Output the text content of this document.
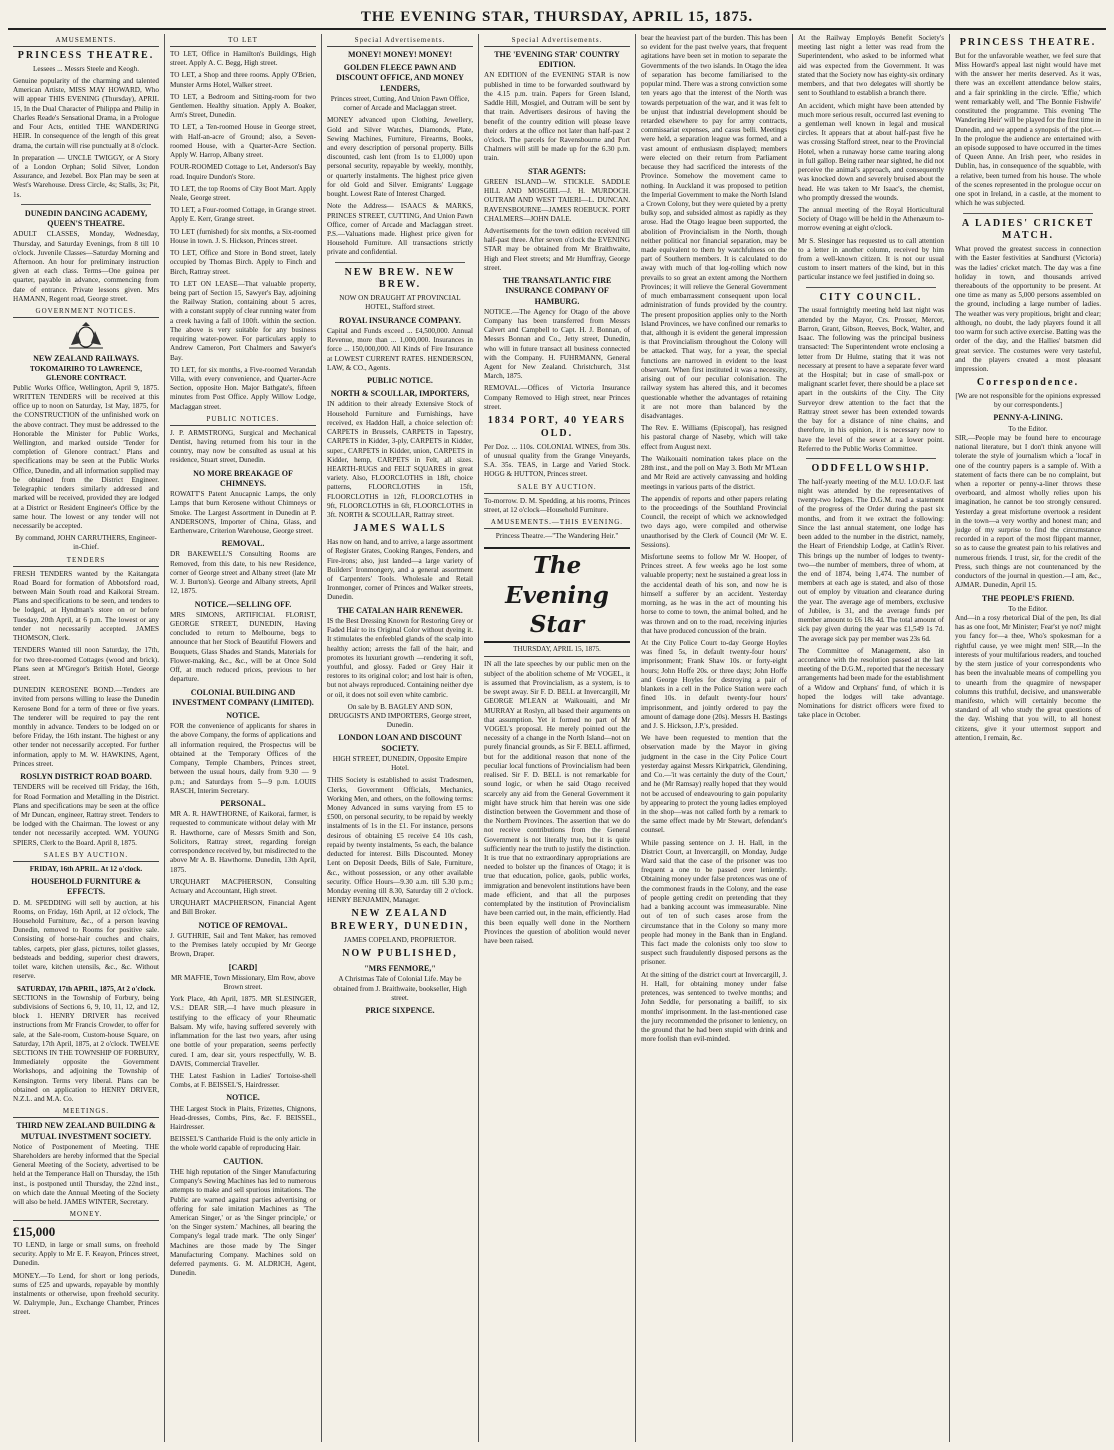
THE EVENING STAR, THURSDAY, APRIL 15, 1875.
AMUSEMENTS.
PRINCESS THEATRE.

Lessees ... Messrs Steele and Keogh.

Genuine popularity of the charming and talented American Artiste, MISS MAY HOWARD, Who will appear THIS EVENING (Thursday), APRIL 15, In the Dual Character of Philippa and Philip in Charles Reade's Sensational Drama, in a Prologue and Four Acts, entitled THE WANDERING HEIR. In consequence of the length of this great drama, the curtain will rise punctually at 8 o'clock.

In preparation — UNCLE TWIGGY, or A Story of a London Orphan; Solid Silver, London Assurance, and Jezebel. Box Plan may be seen at West's Warehouse. Dress Circle, 4s; Stalls, 3s; Pit, 1s.

DUNEDIN DANCING ACADEMY, QUEEN'S THEATRE.

ADULT CLASSES, Monday, Wednesday, Thursday, and Saturday Evenings, from 8 till 10 o'clock. Juvenile Classes—Saturday Morning and Afternoon. An hour for preliminary instruction given at each class. Terms—One guinea per quarter, payable in advance, commencing from date of entrance. Private lessons given. Mrs HAMANN, Regent road, George street.

GOVERNMENT NOTICES.
NEW ZEALAND RAILWAYS.
TOKOMAIRIRO TO LAWRENCE, GLENORE CONTRACT.

Public Works Office, Wellington, April 9, 1875. WRITTEN TENDERS will be received at this office up to noon on Saturday, 1st May, 1875, for the CONSTRUCTION of the unfinished work on the above contract. They must be addressed to the Honorable the Minister for Public Works, Wellington, and marked outside 'Tender for completion of Glenore contract.' Plans and specifications may be seen at the Public Works Office, Dunedin, and all information supplied may be obtained from the District Engineer. Telegraphic tenders similarly addressed and marked will be received, provided they are lodged at a District or Resident Engineer's Office by the same hour. The lowest or any tender will not necessarily be accepted.

By command, JOHN CARRUTHERS, Engineer-in-Chief.

TENDERS

FRESH TENDERS wanted by the Kaitangata Road Board for formation of Abbotsford road, between Main South road and Kaikorai Stream. Plans and specifications to be seen, and tenders to be lodged, at Hyndman's store on or before Tuesday, 20th April, at 6 p.m. The lowest or any tender not necessarily accepted. JAMES THOMSON, Clerk.

TENDERS Wanted till noon Saturday, the 17th, for two three-roomed Cottages (wood and brick). Plans seen at M'Gregor's British Hotel, George street.

DUNEDIN KEROSENE BOND.—Tenders are invited from persons willing to lease the Dunedin Kerosene Bond for a term of three or five years. The tenderer will be required to pay the rent monthly in advance. Tenders to be lodged on or before Friday, the 16th instant. The highest or any other tender not necessarily accepted. For further information, apply to M. W. HAWKINS, Agent, Princes street.

ROSLYN DISTRICT ROAD BOARD.

TENDERS will be received till Friday, the 16th, for Road Formation and Metalling in the District. Plans and specifications may be seen at the office of Mr Duncan, engineer, Rattray street. Tenders to be lodged with the Chairman. The lowest or any tender not necessarily accepted. WM. YOUNG SPIERS, Clerk to the Board. April 8, 1875.

SALES BY AUCTION.
FRIDAY, 16th APRIL. At 12 o'clock.
HOUSEHOLD FURNITURE & EFFECTS.

D. M. SPEDDING will sell by auction, at his Rooms, on Friday, 16th April, at 12 o'clock, The Household Furniture, &c., of a person leaving Dunedin, removed to Rooms for positive sale. Consisting of horse-hair couches and chairs, tables, carpets, pier glass, pictures, toilet glasses, bedsteads and bedding, superior chest drawers, toilet ware, kitchen utensils, &c., &c. Without reserve.

SATURDAY, 17th APRIL, 1875, At 2 o'clock.

SECTIONS in the Township of Forbury, being subdivisions of Sections 6, 9, 10, 11, 12, and 12, block 1. HENRY DRIVER has received instructions from Mr Francis Crowder, to offer for sale, at the Sale-room, Custom-house Square, on Saturday, 17th April, 1875, at 2 o'clock. TWELVE SECTIONS IN THE TOWNSHIP OF FORBURY, Immediately opposite the Government Workshops, and adjoining the Township of Kensington. Terms very liberal. Plans can be obtained on application to HENRY DRIVER, N.Z.L. and M.A. Co.

MEETINGS.
THIRD NEW ZEALAND BUILDING & MUTUAL INVESTMENT SOCIETY.

Notice of Postponement of Meeting. THE Shareholders are hereby informed that the Special General Meeting of the Society, advertised to be held at the Temperance Hall on Thursday, the 15th inst., is postponed until Thursday, the 22nd inst., on which date the Annual Meeting of the Society will also be held. JAMES WINTER, Secretary.

MONEY.
£15,000

TO LEND, in large or small sums, on freehold security. Apply to Mr E. F. Keayon, Princes street, Dunedin.

MONEY.—To Lend, for short or long periods, sums of £25 and upwards, repayable by monthly instalments or otherwise, upon freehold security. W. Dalrymple, Jun., Exchange Chamber, Princes street.

TO LET

TO LET, Office in Hamilton's Buildings, High street. Apply A. C. Begg, High street.

TO LET, a Shop and three rooms. Apply O'Brien, Munster Arms Hotel, Walker street.

TO LET, a Bedroom and Sitting-room for two Gentlemen. Healthy situation. Apply A. Boaker, Arm's Street, Dunedin.

TO LET, a Ten-roomed House in George street, with Half-an-acre of Ground; also, a Seven-roomed House, with a Quarter-Acre Section. Apply W. Harrop, Albany street.

FOUR-ROOMED Cottage to Let, Anderson's Bay road. Inquire Dundon's Store.

TO LET, the top Rooms of City Boot Mart. Apply Neale, George street.

TO LET, a Four-roomed Cottage, in Grange street. Apply E. Kerr, Grange street.

TO LET (furnished) for six months, a Six-roomed House in town. J. S. Hickson, Princes street.

TO LET, Office and Store in Bond street, lately occupied by Thomas Birch. Apply to Finch and Birch, Rattray street.

TO LET ON LEASE—That valuable property, being part of Section 15, Sawyer's Bay, adjoining the Railway Station, containing about 5 acres, with a constant supply of clear running water from a creek having a fall of 100ft. within the section. The above is very suitable for any business requiring water-power. For particulars apply to Andrew Cameron, Port Chalmers and Sawyer's Bay.

TO LET, for six months, a Five-roomed Verandah Villa, with every convenience, and Quarter-Acre Section, opposite Hon. Major Bathgate's, fifteen minutes from Post Office. Apply Willow Lodge, Maclaggan street.

PUBLIC NOTICES.

J. P. ARMSTRONG, Surgical and Mechanical Dentist, having returned from his tour in the country, may now be consulted as usual at his residence, Stuart street, Dunedin.

NO MORE BREAKAGE OF CHIMNEYS.

ROWATT'S Patent Anucapnic Lamps, the only Lamps that burn Kerosene without Chimneys or Smoke. The Largest Assortment in Dunedin at P. ANDERSON'S, Importer of China, Glass, and Earthenware, Criterion Warehouse, George street.

REMOVAL.

DR BAKEWELL'S Consulting Rooms are Removed, from this date, to his new Residence, corner of George street and Albany street (late Mr W. J. Burton's). George and Albany streets, April 12, 1875.

NOTICE.—SELLING OFF.

MRS SIMONS, ARTIFICIAL FLORIST, GEORGE STREET, DUNEDIN, Having concluded to return to Melbourne, begs to announce that her Stock of Beautiful Flowers and Bouquets, Glass Shades and Stands, Materials for Flower-making, &c., &c., will be at Once Sold Off, at much reduced prices, previous to her departure.

COLONIAL BUILDING AND INVESTMENT COMPANY (LIMITED).
NOTICE.

FOR the convenience of applicants for shares in the above Company, the forms of applications and all information required, the Prospectus will be obtained at the Temporary Offices of the Company, Temple Chambers, Princes street, between the usual hours, daily from 9.30 — 9 p.m.; and Saturdays from 5—9 p.m. LOUIS RASCH, Interim Secretary.

PERSONAL.

MR A. R. HAWTHORNE, of Kaikorai, farmer, is requested to communicate without delay with Mr R. Hawthorne, care of Messrs Smith and Son, Solicitors, Rattray street, regarding foreign correspondence received by, but misdirected to the above Mr A. B. Hawthorne. Dunedin, 13th April, 1875.

URQUHART MACPHERSON, Consulting Actuary and Accountant, High street.

URQUHART MACPHERSON, Financial Agent and Bill Broker.

NOTICE OF REMOVAL.

J. GUTHRIE, Sail and Tent Maker, has removed to the Premises lately occupied by Mr George Brown, Draper.

[CARD]

MR MAFFIE, Town Missionary, Elm Row, above Brown street.

York Place, 4th April, 1875. MR SLESINGER, V.S.: DEAR SIR,—I have much pleasure in testifying to the efficacy of your Rheumatic Balsam. My wife, having suffered severely with inflammation for the last two years, after using one bottle of your preparation, seems perfectly cured. I am, dear sir, yours respectfully, W. B. DAVIS, Commercial Traveller.

THE Latest Fashion in Ladies' Tortoise-shell Combs, at F. BEISSEL'S, Hairdresser.

NOTICE.

THE Largest Stock in Plaits, Frizettes, Chignons, Head-dresses, Combs, Pins, &c. F. BEISSEL, Hairdresser.

BEISSEL'S Cantharide Fluid is the only article in the whole world capable of reproducing Hair.

CAUTION.

THE high reputation of the Singer Manufacturing Company's Sewing Machines has led to numerous attempts to make and sell spurious imitations. The Public are warned against parties advertising or offering for sale imitation Machines as 'The American Singer,' or as 'the Singer principle,' or 'on the Singer system.' Machines, all bearing the Company's legal trade mark. 'The only Singer' Machines are those made by The Singer Manufacturing Company. Machines sold on deferred payments. G. M. ALDRICH, Agent, Dunedin.

Special Advertisements.
MONEY! MONEY! MONEY!
GOLDEN FLEECE PAWN AND DISCOUNT OFFICE, AND MONEY LENDERS,

Princes street, Cutting, And Union Pawn Office, corner of Arcade and Maclaggan street.

MONEY advanced upon Clothing, Jewellery, Gold and Silver Watches, Diamonds, Plate, Sewing Machines, Furniture, Firearms, Books, and every description of personal property. Bills discounted, cash lent (from 1s to £1,000) upon personal security, repayable by weekly, monthly, or quarterly instalments. The highest price given for old Gold and Silver. Emigrants' Luggage bought. Lowest Rate of Interest Charged.

Note the Address— ISAACS & MARKS, PRINCES STREET, CUTTING, And Union Pawn Office, corner of Arcade and Maclaggan street. P.S.—Valuations made. Highest price given for Household Furniture. All transactions strictly private and confidential.

NEW BREW. NEW BREW.

NOW ON DRAUGHT AT PROVINCIAL HOTEL, Stafford street.

ROYAL INSURANCE COMPANY.

Capital and Funds exceed ... £4,500,000. Annual Revenue, more than ... 1,000,000. Insurances in force ... 150,000,000. All Kinds of Fire Insurance at LOWEST CURRENT RATES. HENDERSON, LAW, & CO., Agents.

PUBLIC NOTICE.
NORTH & SCOULLAR, IMPORTERS,

IN addition to their already Extensive Stock of Household Furniture and Furnishings, have received, ex Haddon Hall, a choice selection of: CARPETS in Brussels, CARPETS in Tapestry, CARPETS in Kidder, 3-ply, CARPETS in Kidder, super., CARPETS in Kidder, union, CARPETS in Kidder, hemp, CARPETS in Felt, all sizes. HEARTH-RUGS and FELT SQUARES in great variety. Also, FLOORCLOTHS in 18ft, choice patterns, FLOORCLOTHS in 15ft, FLOORCLOTHS in 12ft, FLOORCLOTHS in 9ft, FLOORCLOTHS in 6ft, FLOORCLOTHS in 3ft. NORTH & SCOULLAR, Rattray street.

JAMES WALLS

Has now on hand, and to arrive, a large assortment of Register Grates, Cooking Ranges, Fenders, and Fire-irons; also, just landed—a large variety of Builders' Ironmongery, and a general assortment of Carpenters' Tools. Wholesale and Retail Ironmonger, corner of Princes and Walker streets, Dunedin.

THE CATALAN HAIR RENEWER.

IS the Best Dressing Known for Restoring Grey or Faded Hair to its Original Color without dyeing it. It stimulates the enfeebled glands of the scalp into healthy action; arrests the fall of the hair, and promotes its luxuriant growth —rendering it soft, youthful, and glossy. Faded or Grey Hair it restores to its original color; and lost hair is often, but not always reproduced. Containing neither dye or oil, it does not soil even white cambric.

On sale by B. BAGLEY AND SON, DRUGGISTS AND IMPORTERS, George street, Dunedin.

LONDON LOAN AND DISCOUNT SOCIETY.

HIGH STREET, DUNEDIN, Opposite Empire Hotel.

THIS Society is established to assist Tradesmen, Clerks, Government Officials, Mechanics, Working Men, and others, on the following terms: Money Advanced in sums varying from £5 to £500, on personal security, to be repaid by weekly instalments of 1s in the £1. For instance, persons desirous of obtaining £5 receive £4 10s cash, repaid by twenty instalments, 5s each, the balance deducted for interest. Bills Discounted. Money Lent on Deposit Deeds, Bills of Sale, Furniture, &c., without possession, or any other available security. Office Hours—9.30 a.m. till 5.30 p.m.; Monday evening till 8.30, Saturday till 2 o'clock. HENRY BENJAMIN, Manager.

NEW ZEALAND BREWERY, DUNEDIN,

JAMES COPELAND, PROPRIETOR.

NOW PUBLISHED,
"MRS FENMORE,"

A Christmas Tale of Colonial Life. May be obtained from J. Braithwaite, bookseller, High street.

PRICE SIXPENCE.
Special Advertisements.
THE 'EVENING STAR' COUNTRY EDITION.

AN EDITION of the EVENING STAR is now published in time to be forwarded southward by the 4.15 p.m. train. Papers for Green Island, Saddle Hill, Mosgiel, and Outram will be sent by that train. Advertisers desirous of having the benefit of the country edition will please leave their orders at the office not later than half-past 2 o'clock. The parcels for Ravensbourne and Port Chalmers will still be made up for the 6.30 p.m. train.

STAR AGENTS:

GREEN ISLAND—W. STICKLE. SADDLE HILL AND MOSGIEL—J. H. MURDOCH. OUTRAM AND WEST TAIERI—L. DUNCAN. RAVENSBOURNE—JAMES ROEBUCK. PORT CHALMERS—JOHN DALE.

Advertisements for the town edition received till half-past three. After seven o'clock the EVENING STAR may be obtained from Mr Braithwaite, High and Fleet streets; and Mr Humffray, George street.

THE TRANSATLANTIC FIRE INSURANCE COMPANY OF HAMBURG.

NOTICE.—The Agency for Otago of the above Company has been transferred from Messrs Calvert and Campbell to Capt. H. J. Bonnan, of Messrs Bonnan and Co., Jetty street, Dunedin, who will in future transact all business connected with the Company. H. FUHRMANN, General Agent for New Zealand. Christchurch, 31st March, 1875.

REMOVAL.—Offices of Victoria Insurance Company Removed to High street, near Princes street.

1834 PORT, 40 YEARS OLD.

Per Doz. ... 110s. COLONIAL WINES, from 30s. of unusual quality from the Grange Vineyards, S.A. 35s. TEAS, in Large and Varied Stock. HOGG & HUTTON, Princes street.

SALE BY AUCTION.

To-morrow. D. M. Spedding, at his rooms, Princes street, at 12 o'clock—Household Furniture.

AMUSEMENTS.—THIS EVENING.

Princess Theatre.—"The Wandering Heir."

The Evening Star
THURSDAY, APRIL 15, 1875.

IN all the late speeches by our public men on the subject of the abolition scheme of Mr VOGEL, it is assumed that Provincialism, as a system, is to be swept away. Sir F. D. BELL at Invercargill, Mr GEORGE M'LEAN at Waikouaiti, and Mr MURRAY at Roslyn, all based their arguments on that assumption. Yet it formed no part of Mr VOGEL's proposal. He merely pointed out the necessity of a change in the North Island—not on purely financial grounds, as Sir F. BELL affirmed, but for the additional reason that none of the peculiar local functions of Provincialism had been realised. Sir F. D. BELL is not remarkable for sound logic, or when he said Otago received scarcely any aid from the General Government it might have struck him that herein was one side distinction between the Government and those of the Northern Provinces. The assertion that we do not receive contributions from the General Government is not literally true, but it is quite sufficiently near the truth to justify the distinction. It is true that no extraordinary appropriations are needed to bolster up the finances of Otago; it is true that education, police, gaols, public works, immigration and benevolent institutions have been made efficient, and that all the purposes contemplated by the institution of Provincialism have been carried out, in the main, efficiently. Had this been equally well done in the Northern Provinces the question of abolition would never have been raised.

bear the heaviest part of the burden. This has been so evident for the past twelve years, that frequent agitations have been set in motion to separate the Governments of the two islands. In Otago the idea of separation has become familiarised to the popular mind. There was a strong conviction some ten years ago that the interest of the North was towards perpetuation of the war, and it was felt to be unjust that industrial development should be retarded elsewhere to pay for army contracts, commissariat expenses, and casus belli. Meetings were held, a separation league was formed, and a vast amount of enthusiasm displayed; members were elected on their return from Parliament because they had sacrificed the interests of the Province. Somehow the movement came to nothing. In Auckland it was proposed to petition the Imperial Government to make the North Island a Crown Colony, but they were quieted by a pretty bulky sop, and subsided almost as rapidly as they arose. Had the Otago league been supported, the abolition of Provincialism in the North, though neither political nor financial separation, may be made equivalent to them by watchfulness on the part of Southern members. It is calculated to do away with much of that log-rolling which now prevails to so great an extent among the Northern Provinces; it will relieve the General Government of much embarrassment consequent upon local administration of funds provided by the country. The present proposition applies only to the North Island Provinces, we have confined our remarks to that, although it is evident the general impression is that Provincialism throughout the Colony will be attacked. That way, for a year, the special functions are narrowed in evident to the least observant. When first instituted it was a necessity, arising out of our peculiar colonisation. The railway system has altered this, and it becomes questionable whether the advantages of retaining it are not more than balanced by the disadvantages.

The Rev. E. Williams (Episcopal), has resigned his pastoral charge of Naseby, which will take effect from August next.

The Waikouaiti nomination takes place on the 28th inst., and the poll on May 3. Both Mr M'Lean and Mr Reid are actively canvassing and holding meetings in various parts of the district.

The appendix of reports and other papers relating to the proceedings of the Southland Provincial Council, the receipt of which we acknowledged two days ago, were compiled and otherwise unauthorised by the Clerk of Council (Mr W. E. Sessions).

Misfortune seems to follow Mr W. Hooper, of Princes street. A few weeks ago he lost some valuable property; next he sustained a great loss in the accidental death of his son, and now he is himself a sufferer by an accident. Yesterday morning, as he was in the act of mounting his horse to come to town, the animal bolted, and he was thrown and on to the road, receiving injuries that have produced concussion of the brain.

At the City Police Court to-day George Hoyles was fined 5s, in default twenty-four hours' imprisonment; Frank Shaw 10s. or forty-eight hours; John Hoffe 20s. or three days; John Hoffe and George Hoyles for destroying a pair of blankets in a cell in the Police Station were each fined 10s. in default twenty-four hours' imprisonment, and jointly ordered to pay the amount of damage done (20s). Messrs H. Bastings and J. S. Hickson, J.P.'s, presided.

We have been requested to mention that the observation made by the Mayor in giving judgment in the case in the City Police Court yesterday against Messrs Kirkpatrick, Glendining, and Co.—'it was certainly the duty of the Court,' and he (Mr Ramsay) really hoped that they would not be accused of endeavouring to gain popularity by appearing to protect the young ladies employed in the shop—was not called forth by a remark to the same effect made by Mr Stewart, defendant's counsel.

While passing sentence on J. H. Hall, in the District Court, at Invercargill, on Monday, Judge Ward said that the case of the prisoner was too frequent a one to be passed over leniently. Obtaining money under false pretences was one of the commonest frauds in the Colony, and the ease of people getting credit on pretending that they had a banking account was immeasurable. Nine out of ten of such cases arose from the circumstance that in the Colony so many more people had money in the Bank than in England. This fact made the colonists only too slow to suspect such fraudulently disposed persons as the prisoner.

At the sitting of the district court at Invercargill, J. H. Hall, for obtaining money under false pretences, was sentenced to twelve months; and John Seddle, for personating a bailiff, to six months' imprisonment. In the last-mentioned case the jury recommended the prisoner to leniency, on the ground that he had been stupid with drink and more foolish than evil-minded.

At the Railway Employés Benefit Society's meeting last night a letter was read from the Superintendent, who asked to be informed what aid was expected from the Government. It was stated that the Society now has eighty-six ordinary members, and that two delegates will shortly be sent to Southland to establish a branch there.

An accident, which might have been attended by much more serious result, occurred last evening to a gentleman well known in legal and musical circles. It appears that at about half-past five he was crossing Stafford street, near to the Provincial Hotel, when a runaway horse came tearing along in full gallop. Being rather near sighted, he did not perceive the animal's approach, and consequently was knocked down and severely bruised about the head. He was taken to Mr Isaac's, the chemist, who promptly dressed the wounds.

The annual meeting of the Royal Horticultural Society of Otago will be held in the Athenæum to-morrow evening at eight o'clock.

Mr S. Slesinger has requested us to call attention to a letter in another column, received by him from a well-known citizen. It is not our usual custom to insert matters of the kind, but in this particular instance we feel justified in doing so.

CITY COUNCIL.

The usual fortnightly meeting held last night was attended by the Mayor, Crs. Prosser, Mercer, Barron, Grant, Gibson, Reeves, Bock, Walter, and Isaac. The following was the principal business transacted: The Superintendent wrote enclosing a letter from Dr Hulme, stating that it was not necessary at present to have a separate fever ward at the Hospital; but in case of small-pox or malignant scarlet fever, there should be a place set apart in the outskirts of the City. The City Surveyor drew attention to the fact that the Rattray street sewer has been extended towards the bay for a distance of nine chains, and therefore, in his opinion, it is necessary now to have the level of the sewer at a lower point. Referred to the Public Works Committee.

ODDFELLOWSHIP.

The half-yearly meeting of the M.U. I.O.O.F. last night was attended by the representatives of twenty-two lodges. The D.G.M. read a statement of the progress of the Order during the past six months, and from it we extract the following: Since the last annual statement, one lodge has been added to the number in the district, namely, the Heart of Friendship Lodge, at Catlin's River. This brings up the number of lodges to twenty-two—the number of members, three of whom, at the end of 1874, being 1,474. The number of members at each age is stated, and also of those out of employ by vituation and clearance during the year. The average age of members, exclusive of Jubilee, is 31, and the average funds per member amount to £6 18s 4d. The total amount of sick pay given during the year was £1,549 1s 7d. The average sick pay per member was 23s 6d.

The Committee of Management, also in accordance with the resolution passed at the last meeting of the D.G.M., reported that the necessary arrangements had been made for the establishment of a Widow and Orphans' fund, of which it is hoped the lodges will take advantage. Nominations for district officers were fixed to take place in October.

PRINCESS THEATRE.

But for the unfavorable weather, we feel sure that Miss Howard's appeal last night would have met with the answer her merits deserved. As it was, there was an excellent attendance below stairs, and a fair sprinkling in the circle. 'Effie,' which went remarkably well, and 'The Bonnie Fishwife' constituted the programme. This evening 'The Wandering Heir' will be played for the first time in Dunedin, and we append a synopsis of the plot.—In the prologue the audience are entertained with an episode supposed to have occurred in the times of Queen Anne. An Irish peer, who resides in Dublin, has, in consequence of the squabble, with a relative, been turned from his house. The whole of the scenes represented in the prologue occur on one spot in Ireland, in a castle, at the moment to which he was subjected.

A LADIES' CRICKET MATCH.

What proved the greatest success in connection with the Easter festivities at Sandhurst (Victoria) was the ladies' cricket match. The day was a fine holiday in town, and thousands arrived thereabouts of the opportunity to be present. At one time as many as 5,000 persons assembled on the ground, including a large number of ladies. The weather was very propitious, bright and clear; although, no doubt, the lady players found it all too warm for such active exercise. Batting was the order of the day, and the Hallies' batsmen did great service. The costumes were very tasteful, and the players created a most pleasant impression.

Correspondence.

[We are not responsible for the opinions expressed by our correspondents.]

PENNY-A-LINING.
To the Editor.

SIR,—People may be found here to encourage national literature, but I don't think anyone will tolerate the style of journalism which a 'local' in one of the country papers is a sample of. With a statement of facts there can be no complaint, but when a reporter or penny-a-liner throws these overboard, and almost wholly relies upon his imagination, he cannot be too strongly censured. Yesterday a great misfortune overtook a resident in the town—a very worthy and honest man; and judge of my surprise to find the circumstance recorded in a report of the most flippant manner, so as to cause the greatest pain to his relatives and numerous friends. I trust, sir, for the credit of the Press, such things are not countenanced by the conductors of the journal in question.—I am, &c., AJMAR. Dunedin, April 15.

THE PEOPLE'S FRIEND.
To the Editor.

And—in a rosy rhetorical Dial of the pen, Its dial has as one foot, Mr Minister; Fear'st ye not? might you fancy for—a thee, Who's spokesman for a rightful cause, ye wee might men! SIR,—In the interests of your multifarious readers, and touched by the stern justice of your correspondents who has been the invaluable means of compelling you to unearth from the quagmire of newspaper columns this truthful, decisive, and unanswerable manifesto, which will certainly become the standard of all who study the great questions of the day. Wishing that you will, to all honest citizens, give it your uttermost support and attention, I remain, &c.
